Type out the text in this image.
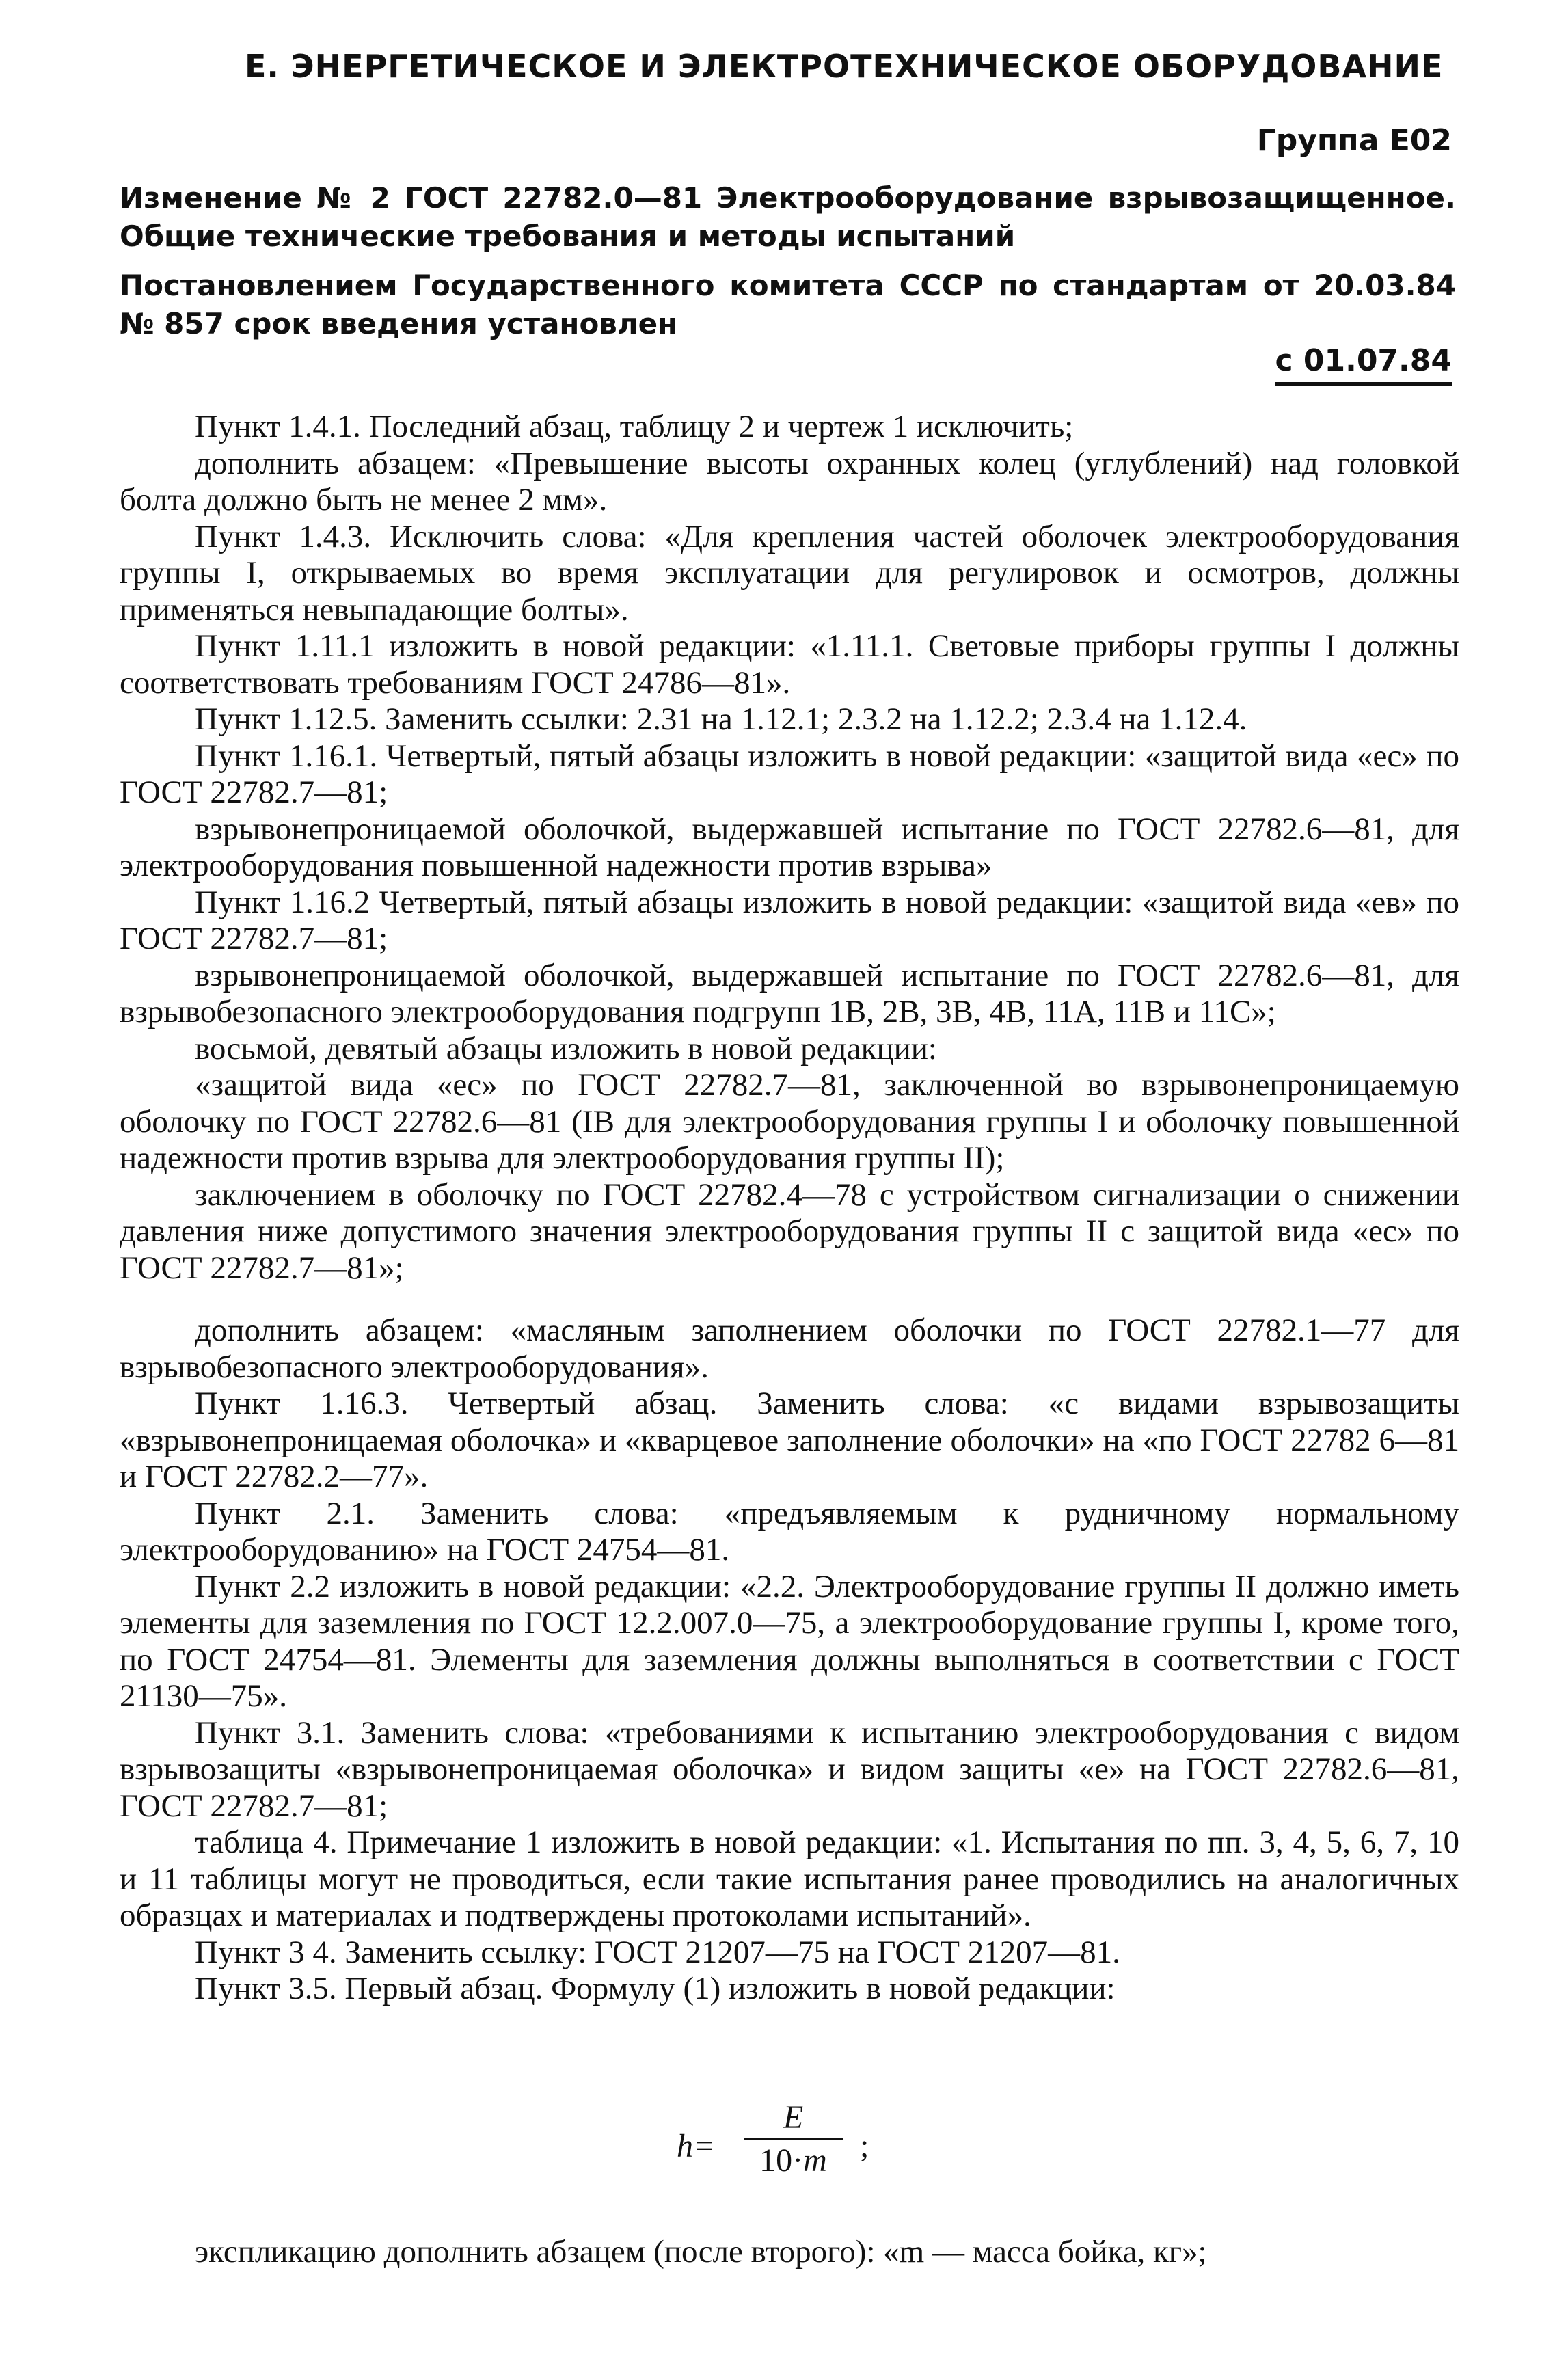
Е. ЭНЕРГЕТИЧЕСКОЕ И ЭЛЕКТРОТЕХНИЧЕСКОЕ ОБОРУДОВАНИЕ
Группа Е02
Изменение № 2 ГОСТ 22782.0—81 Электрооборудование взрывозащищенное. Общие технические требования и методы испытаний
Постановлением Государственного комитета СССР по стандартам от 20.03.84 № 857 срок введения установлен
с 01.07.84

Пункт 1.4.1. Последний абзац, таблицу 2 и чертеж 1 исключить;

дополнить абзацем: «Превышение высоты охранных колец (углублений) над головкой болта должно быть не менее 2 мм».

Пункт 1.4.3. Исключить слова: «Для крепления частей оболочек электрооборудования группы I, открываемых во время эксплуатации для регулировок и осмотров, должны применяться невыпадающие болты».

Пункт 1.11.1 изложить в новой редакции: «1.11.1. Световые приборы группы I должны соответствовать требованиям ГОСТ 24786—81».

Пункт 1.12.5. Заменить ссылки: 2.31 на 1.12.1; 2.3.2 на 1.12.2; 2.3.4 на 1.12.4.

Пункт 1.16.1. Четвертый, пятый абзацы изложить в новой редакции: «защитой вида «eс» по ГОСТ 22782.7—81;

взрывонепроницаемой оболочкой, выдержавшей испытание по ГОСТ 22782.6—81, для электрооборудования повышенной надежности против взрыва»

Пункт 1.16.2 Четвертый, пятый абзацы изложить в новой редакции: «защитой вида «eв» по ГОСТ 22782.7—81;

взрывонепроницаемой оболочкой, выдержавшей испытание по ГОСТ 22782.6—81, для взрывобезопасного электрооборудования подгрупп 1В, 2В, 3В, 4В, 11А, 11В и 11С»;

восьмой, девятый абзацы изложить в новой редакции:

«защитой вида «eс» по ГОСТ 22782.7—81, заключенной во взрывонепроницаемую оболочку по ГОСТ 22782.6—81 (IВ для электрооборудования группы I и оболочку повышенной надежности против взрыва для электрооборудования группы II);

заключением в оболочку по ГОСТ 22782.4—78 с устройством сигнализации о снижении давления ниже допустимого значения электрооборудования группы II с защитой вида «eс» по ГОСТ 22782.7—81»;

дополнить абзацем: «масляным заполнением оболочки по ГОСТ 22782.1—77 для взрывобезопасного электрооборудования».

Пункт 1.16.3. Четвертый абзац. Заменить слова: «с видами взрывозащиты «взрывонепроницаемая оболочка» и «кварцевое заполнение оболочки» на «по ГОСТ 22782 6—81 и ГОСТ 22782.2—77».

Пункт 2.1. Заменить слова: «предъявляемым к рудничному нормальному электрооборудованию» на ГОСТ 24754—81.

Пункт 2.2 изложить в новой редакции: «2.2. Электрооборудование группы II должно иметь элементы для заземления по ГОСТ 12.2.007.0—75, а электрооборудование группы I, кроме того, по ГОСТ 24754—81. Элементы для заземления должны выполняться в соответствии с ГОСТ 21130—75».

Пункт 3.1. Заменить слова: «требованиями к испытанию электрооборудования с видом взрывозащиты «взрывонепроницаемая оболочка» и видом защиты «е» на ГОСТ 22782.6—81, ГОСТ 22782.7—81;

таблица 4. Примечание 1 изложить в новой редакции: «1. Испытания по пп. 3, 4, 5, 6, 7, 10 и 11 таблицы могут не проводиться, если такие испытания ранее проводились на аналогичных образцах и материалах и подтверждены протоколами испытаний».

Пункт 3 4. Заменить ссылку: ГОСТ 21207—75 на ГОСТ 21207—81.

Пункт 3.5. Первый абзац. Формулу (1) изложить в новой редакции:

h=
E
10·m	;
экспликацию дополнить абзацем (после второго): «m — масса бойка, кг»;
